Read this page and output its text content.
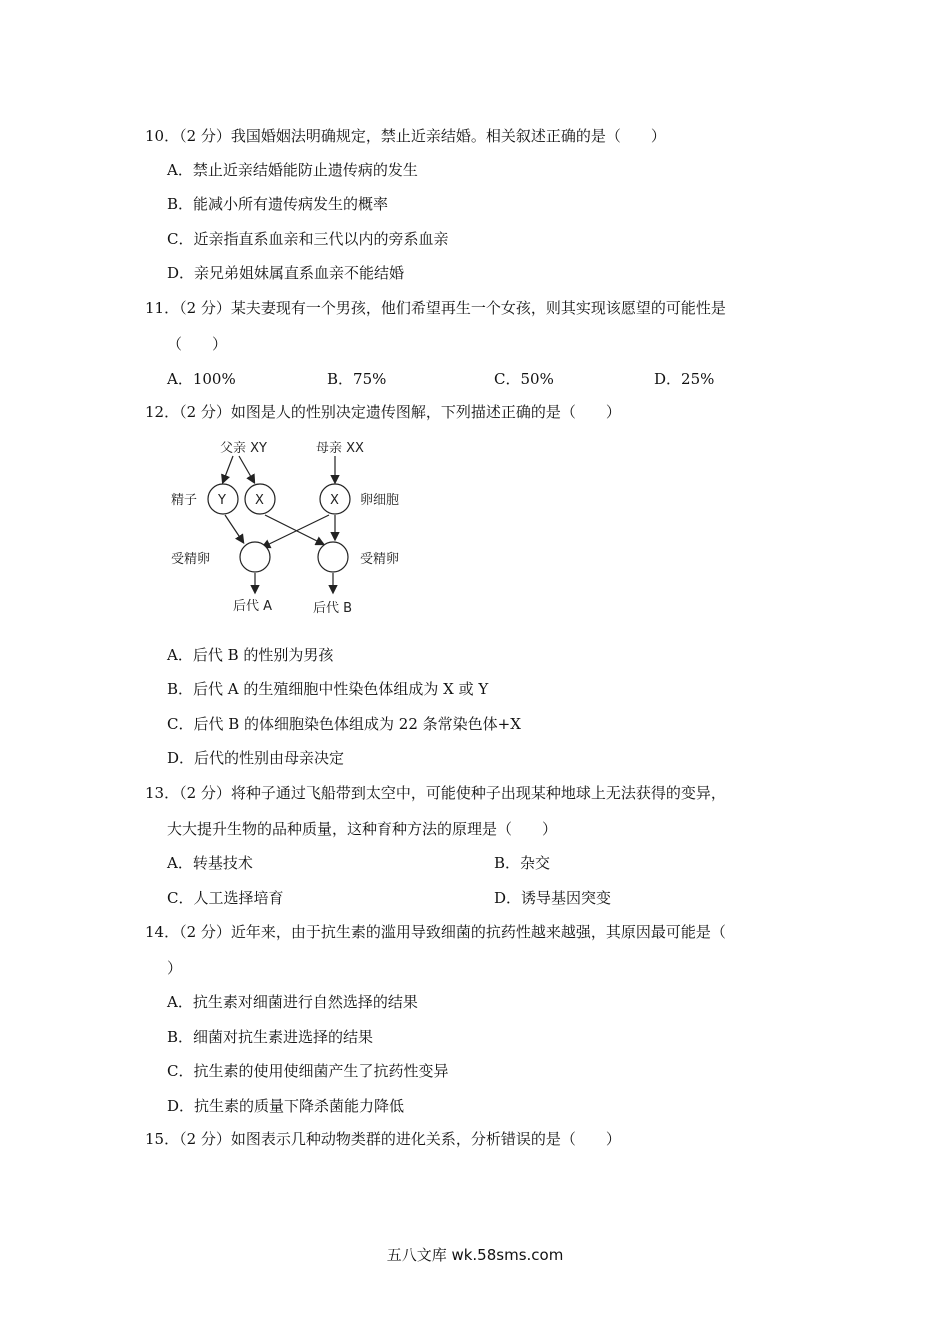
10．（2 分）我国婚姻法明确规定，禁止近亲结婚。相关叙述正确的是（　　）
A．禁止近亲结婚能防止遗传病的发生
B．能减小所有遗传病发生的概率
C．近亲指直系血亲和三代以内的旁系血亲
D．亲兄弟姐妹属直系血亲不能结婚
11．（2 分）某夫妻现有一个男孩，他们希望再生一个女孩，则其实现该愿望的可能性是
（　　）
A．100%	B．75%	C．50%	D．25%
12．（2 分）如图是人的性别决定遗传图解，下列描述正确的是（　　）
父亲 XY	母亲 XX
精子 Y X	X 卵细胞
受精卵	受精卵
后代 A	后代 B
A．后代 B 的性别为男孩
B．后代 A 的生殖细胞中性染色体组成为 X 或 Y
C．后代 B 的体细胞染色体组成为 22 条常染色体+X
D．后代的性别由母亲决定
13．（2 分）将种子通过飞船带到太空中，可能使种子出现某种地球上无法获得的变异，
大大提升生物的品种质量，这种育种方法的原理是（　　）
A．转基技术	B．杂交
C．人工选择培育	D．诱导基因突变
14．（2 分）近年来，由于抗生素的滥用导致细菌的抗药性越来越强，其原因最可能是（
）
A．抗生素对细菌进行自然选择的结果
B．细菌对抗生素进选择的结果
C．抗生素的使用使细菌产生了抗药性变异
D．抗生素的质量下降杀菌能力降低
15．（2 分）如图表示几种动物类群的进化关系，分析错误的是（　　）
五八文库 wk.58sms.com
